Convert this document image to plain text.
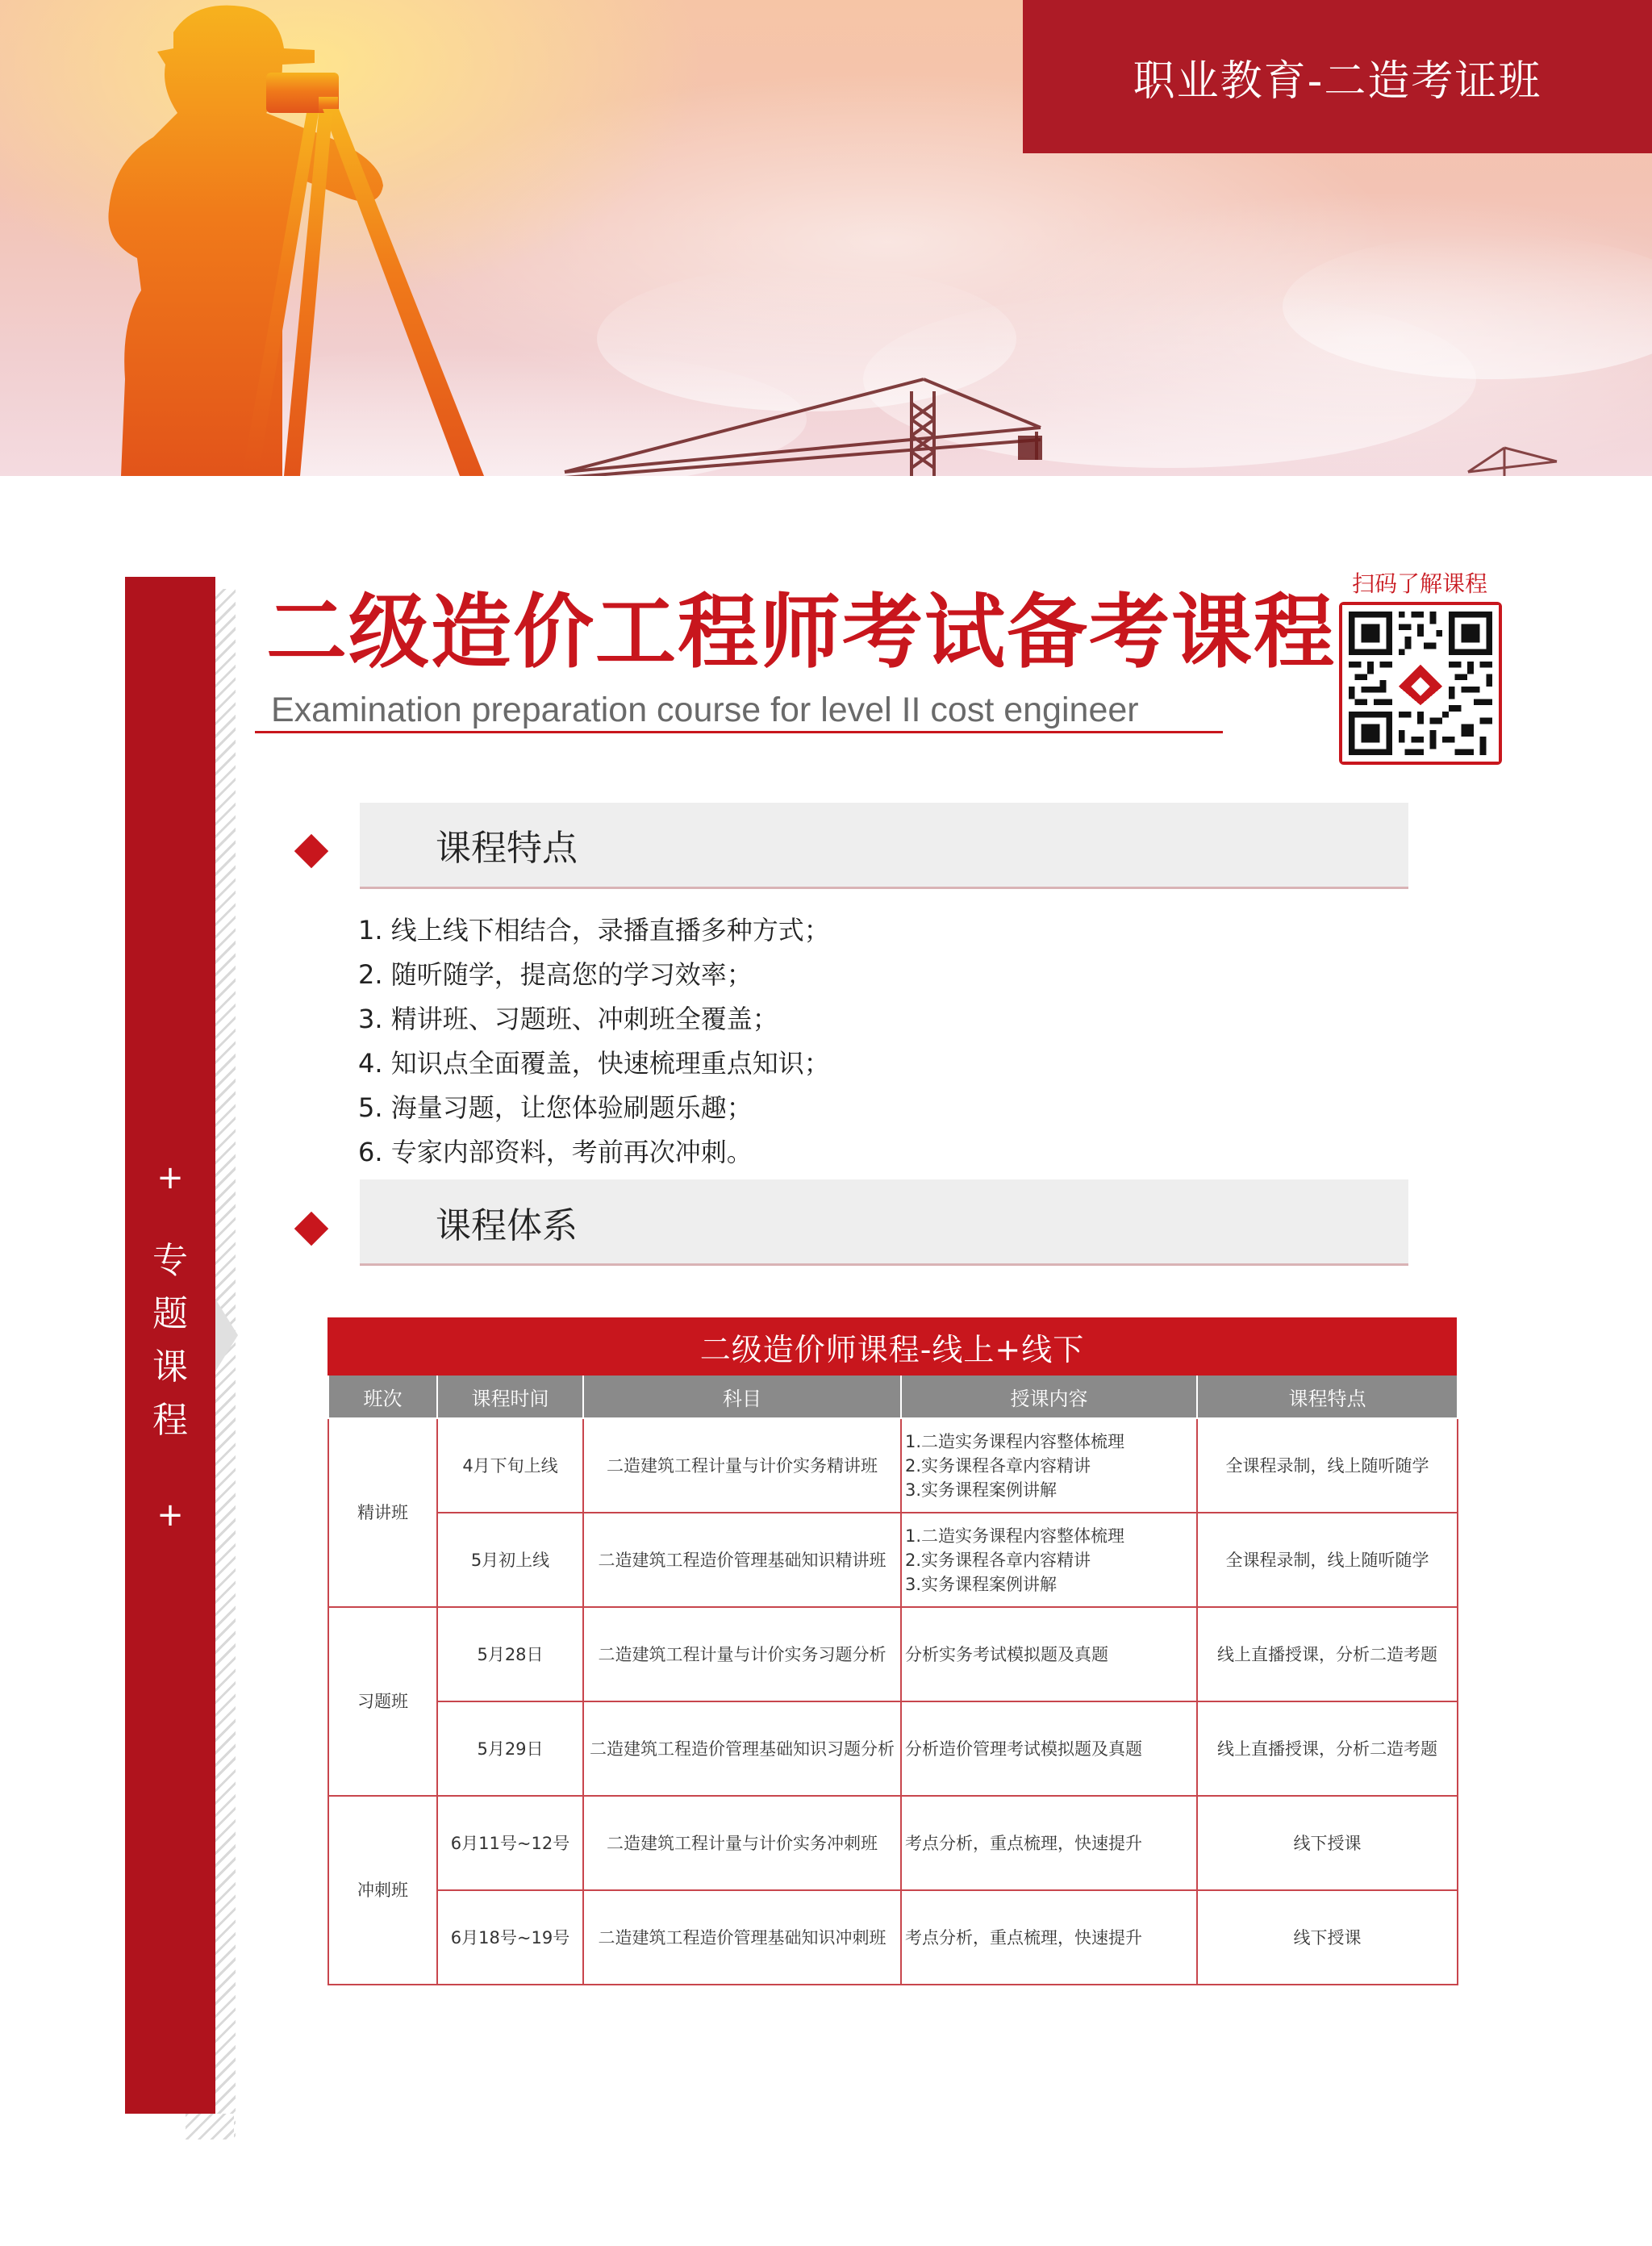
职业教育-二造考证班
+
专
题
课
程
+
二级造价工程师考试备考课程
Examination preparation course for level II cost engineer
扫码了解课程
课程特点
1. 线上线下相结合，录播直播多种方式；
2. 随听随学，提高您的学习效率；
3. 精讲班、习题班、冲刺班全覆盖；
4. 知识点全面覆盖，快速梳理重点知识；
5. 海量习题，让您体验刷题乐趣；
6. 专家内部资料，考前再次冲刺。
课程体系
二级造价师课程-线上+线下
班次	课程时间	科目	授课内容	课程特点
精讲班	4月下旬上线	二造建筑工程计量与计价实务精讲班	1.二造实务课程内容整体梳理
2.实务课程各章内容精讲
3.实务课程案例讲解	全课程录制，线上随听随学
	5月初上线	二造建筑工程造价管理基础知识精讲班	1.二造实务课程内容整体梳理
2.实务课程各章内容精讲
3.实务课程案例讲解	全课程录制，线上随听随学
习题班	5月28日	二造建筑工程计量与计价实务习题分析	分析实务考试模拟题及真题	线上直播授课，分析二造考题
	5月29日	二造建筑工程造价管理基础知识习题分析	分析造价管理考试模拟题及真题	线上直播授课，分析二造考题
冲刺班	6月11号~12号	二造建筑工程计量与计价实务冲刺班	考点分析，重点梳理，快速提升	线下授课
	6月18号~19号	二造建筑工程造价管理基础知识冲刺班	考点分析，重点梳理，快速提升	线下授课
